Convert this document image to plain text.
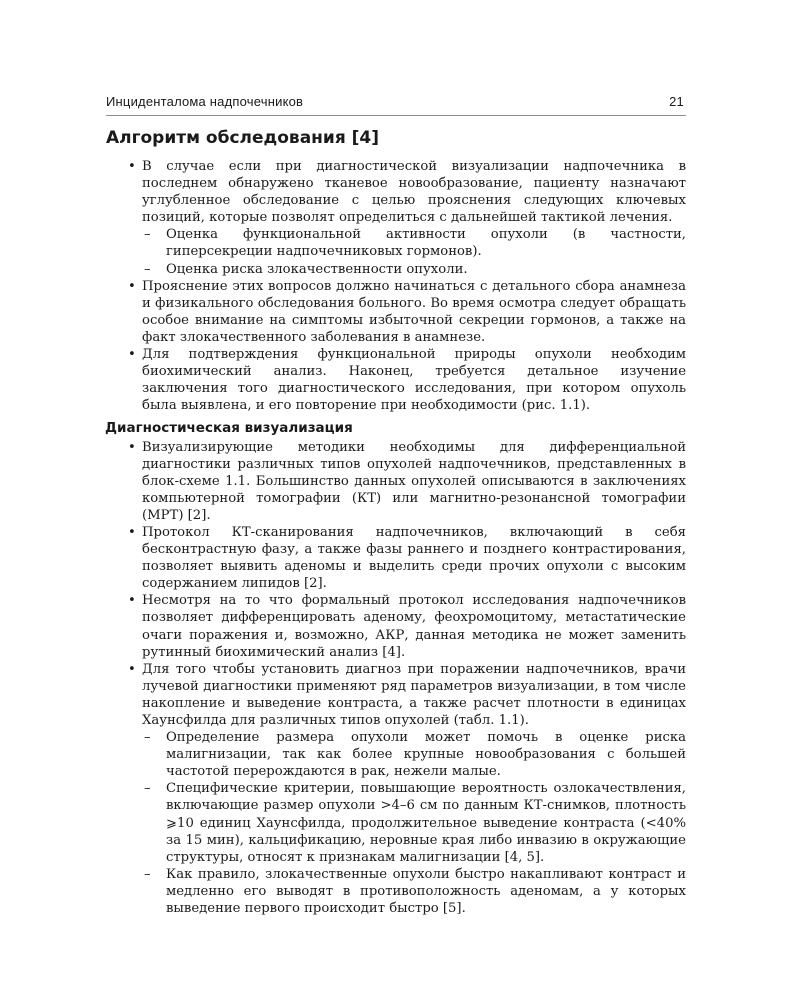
Инциденталома надпочечников	21
Алгоритм обследования [4]
• В случае если при диагностической визуализации надпочечника в последнем обнаружено тканевое новообразование, пациенту назначают углубленное обследование с целью прояснения следующих ключевых позиций, которые позволят определиться с дальнейшей тактикой лечения.
– Оценка функциональной активности опухоли (в частности, гиперсекреции надпочечниковых гормонов).
– Оценка риска злокачественности опухоли.
• Прояснение этих вопросов должно начинаться с детального сбора анамнеза и физикального обследования больного. Во время осмотра следует обращать особое внимание на симптомы избыточной секреции гормонов, а также на факт злокачественного заболевания в анамнезе.
• Для подтверждения функциональной природы опухоли необходим биохимический анализ. Наконец, требуется детальное изучение заключения того диагностического исследования, при котором опухоль была выявлена, и его повторение при необходимости (рис. 1.1).
Диагностическая визуализация
• Визуализирующие методики необходимы для дифференциальной диагностики различных типов опухолей надпочечников, представленных в блок-схеме 1.1. Большинство данных опухолей описываются в заключениях компьютерной томографии (КТ) или магнитно-резонансной томографии (МРТ) [2].
• Протокол КТ-сканирования надпочечников, включающий в себя бесконтрастную фазу, а также фазы раннего и позднего контрастирования, позволяет выявить аденомы и выделить среди прочих опухоли с высоким содержанием липидов [2].
• Несмотря на то что формальный протокол исследования надпочечников позволяет дифференцировать аденому, феохромоцитому, метастатические очаги поражения и, возможно, АКР, данная методика не может заменить рутинный биохимический анализ [4].
• Для того чтобы установить диагноз при поражении надпочечников, врачи лучевой диагностики применяют ряд параметров визуализации, в том числе накопление и выведение контраста, а также расчет плотности в единицах Хаунсфилда для различных типов опухолей (табл. 1.1).
– Определение размера опухоли может помочь в оценке риска малигнизации, так как более крупные новообразования с большей частотой перерождаются в рак, нежели малые.
– Специфические критерии, повышающие вероятность озлокачествления, включающие размер опухоли >4–6 см по данным КТ-снимков, плотность ⩾10 единиц Хаунсфилда, продолжительное выведение контраста (<40% за 15 мин), кальцификацию, неровные края либо инвазию в окружающие структуры, относят к признакам малигнизации [4, 5].
– Как правило, злокачественные опухоли быстро накапливают контраст и медленно его выводят в противоположность аденомам, а у которых выведение первого происходит быстро [5].
